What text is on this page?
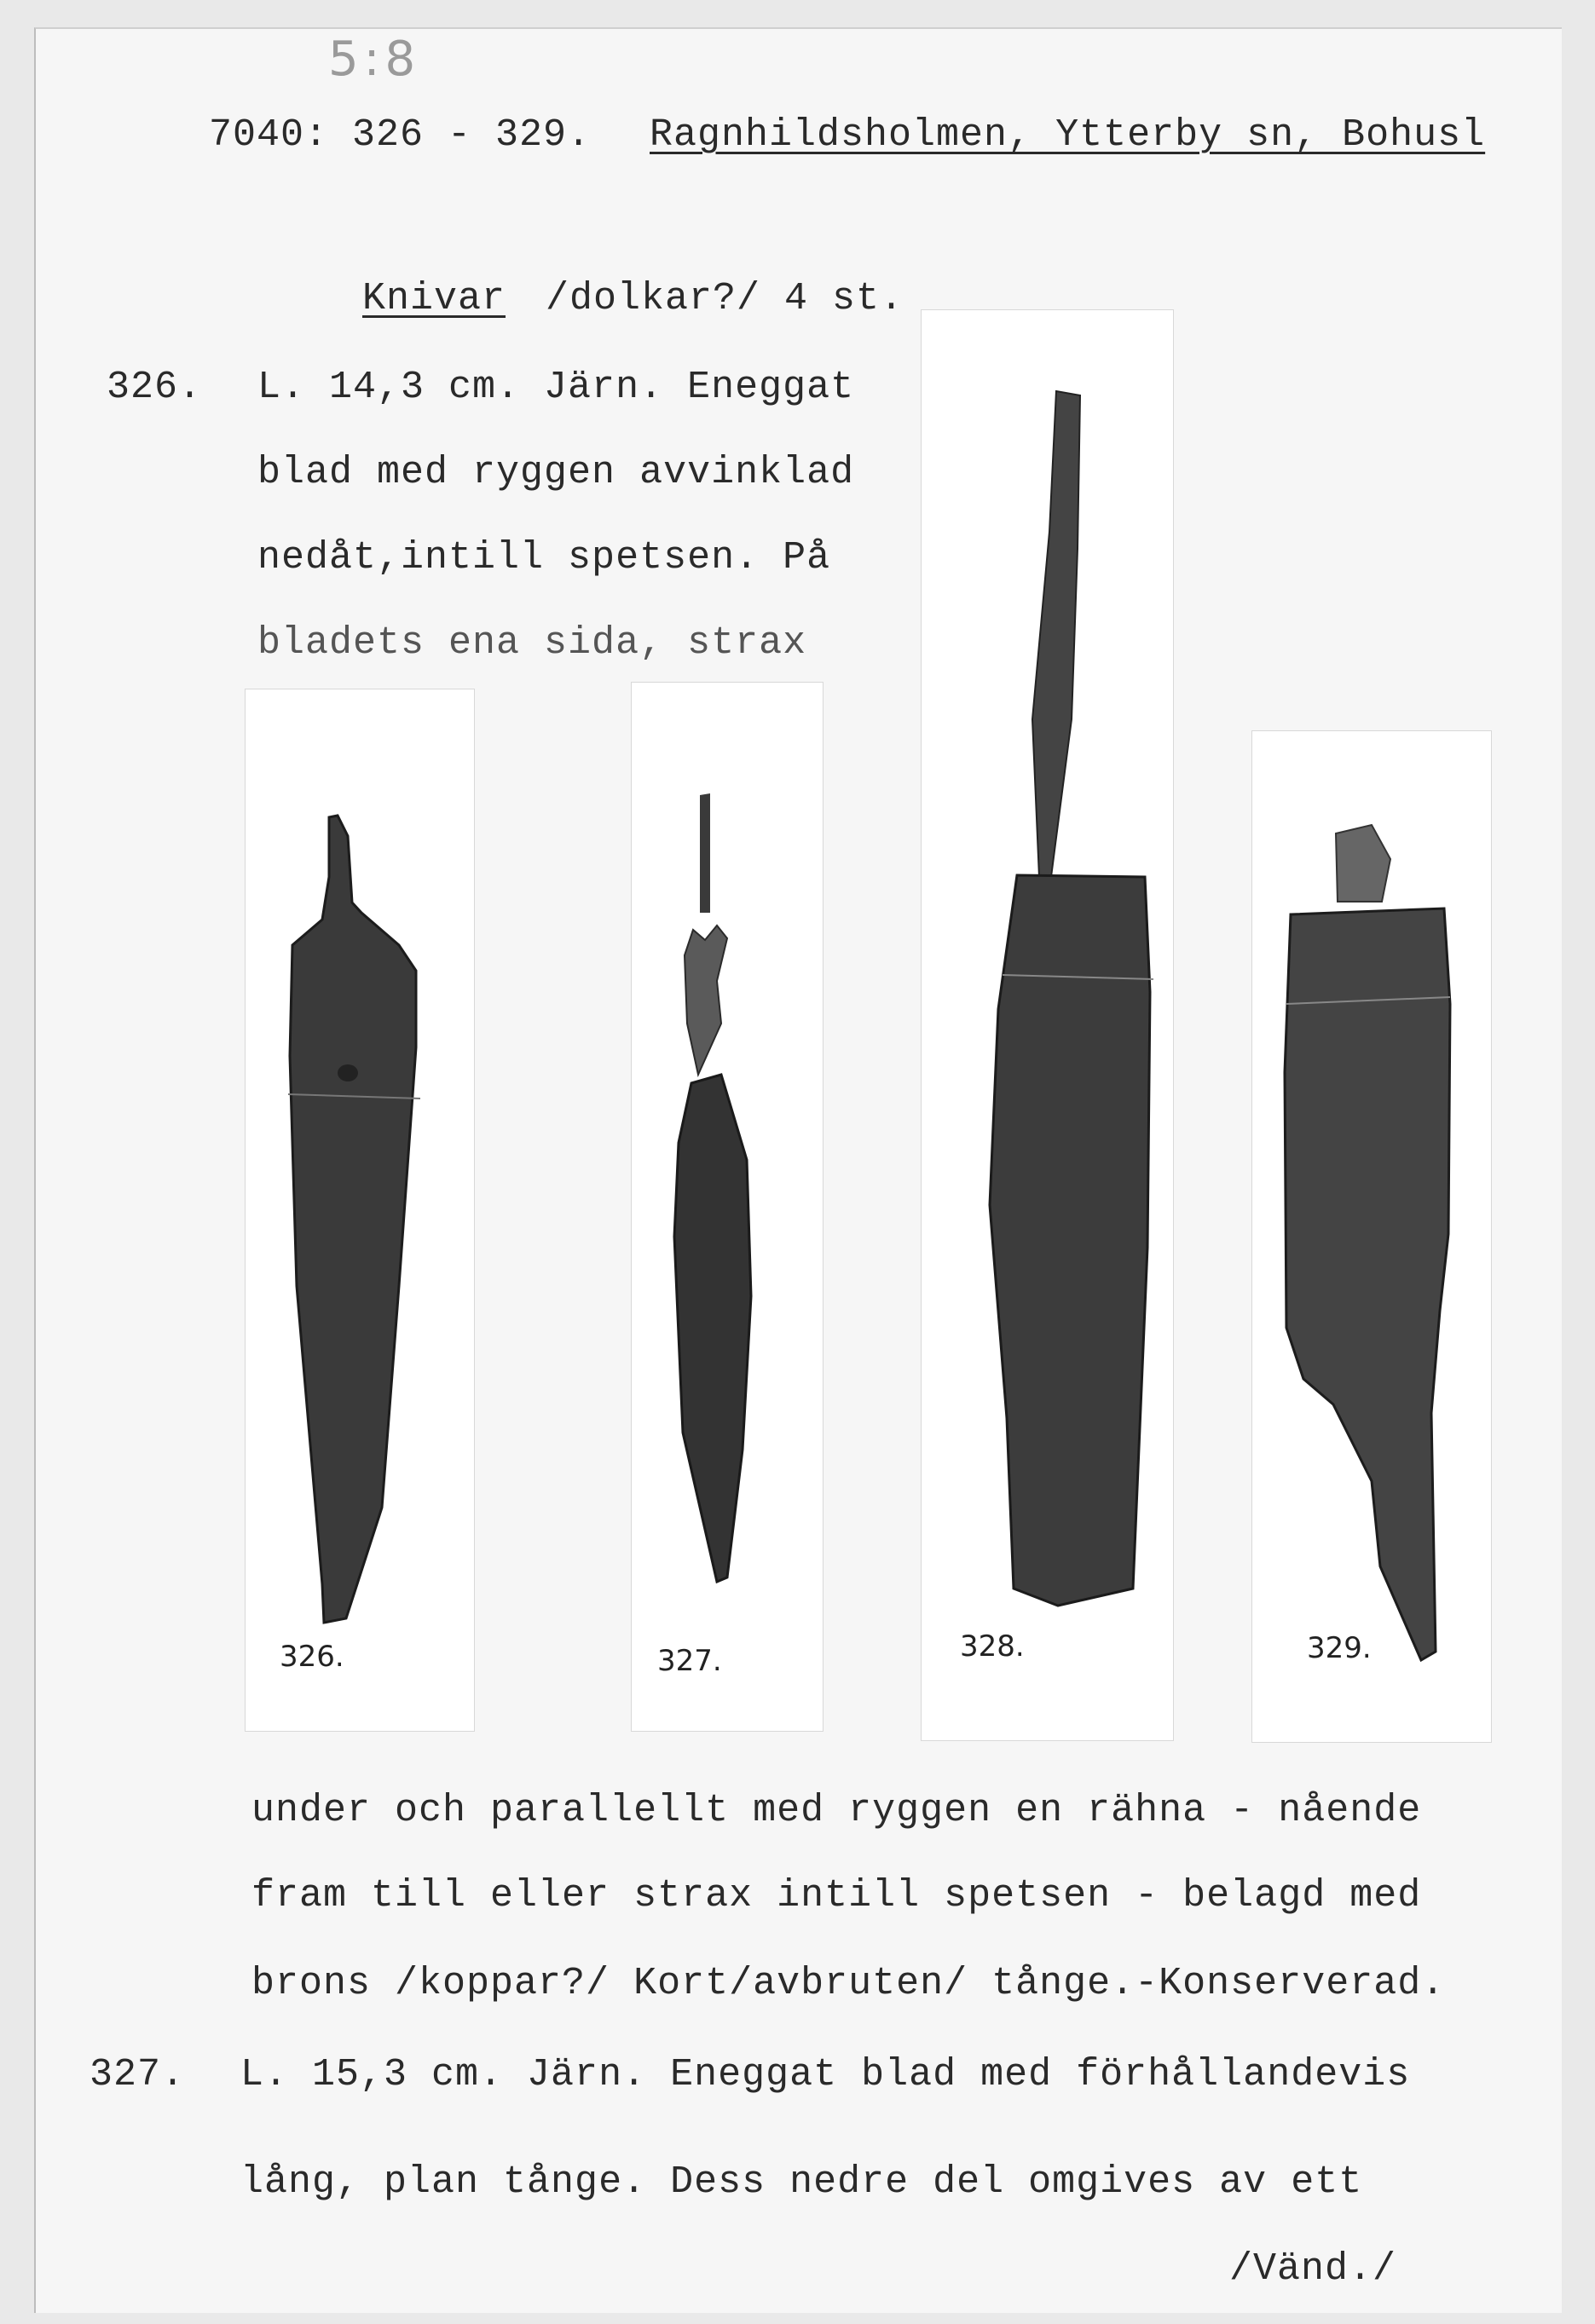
5:8
7040: 326 - 329. Ragnhildsholmen, Ytterby sn, Bohusl
Knivar /dolkar?/ 4 st.
326. L. 14,3 cm. Järn. Eneggat
blad med ryggen avvinklad
nedåt,intill spetsen. På
bladets ena sida, strax
326.	327.	328.	329.
under och parallellt med ryggen en rähna - nående
fram till eller strax intill spetsen - belagd med
brons /koppar?/ Kort/avbruten/ tånge.-Konserverad.
327. L. 15,3 cm. Järn. Eneggat blad med förhållandevis
lång, plan tånge. Dess nedre del omgives av ett
/Vänd./
